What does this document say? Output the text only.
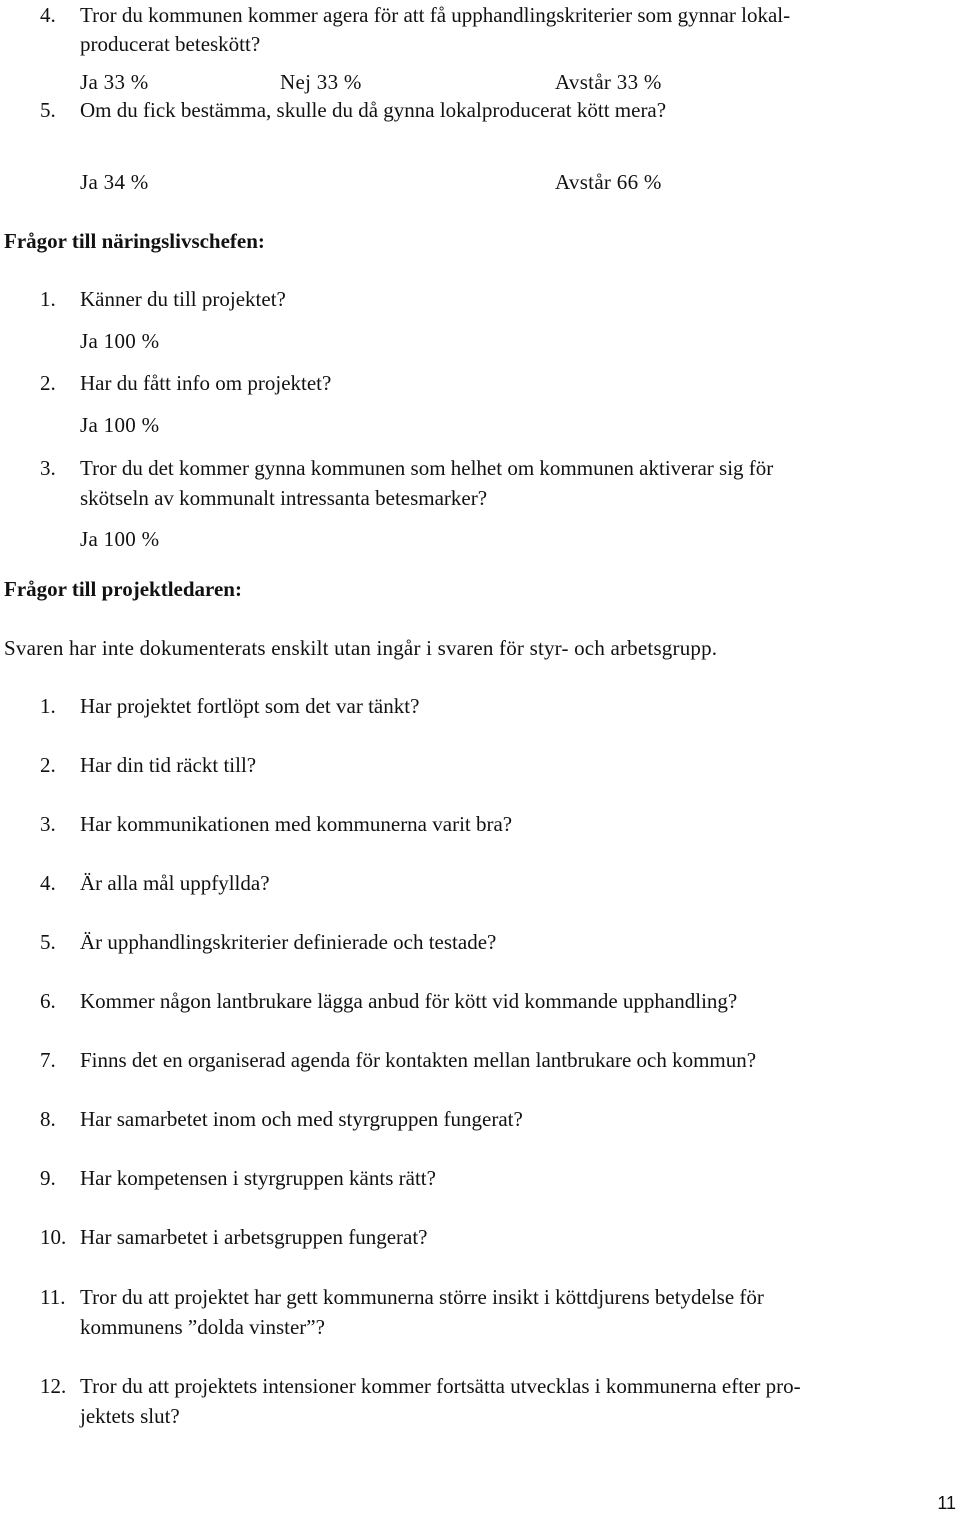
4. Tror du kommunen kommer agera för att få upphandlingskriterier som gynnar lokal-
producerat beteskött?
Ja 33 %	Nej 33 %	Avstår 33 %
5. Om du fick bestämma, skulle du då gynna lokalproducerat kött mera?
Ja 34 %	Avstår 66 %
Frågor till näringslivschefen:
1. Känner du till projektet?
Ja 100 %
2. Har du fått info om projektet?
Ja 100 %
3. Tror du det kommer gynna kommunen som helhet om kommunen aktiverar sig för
skötseln av kommunalt intressanta betesmarker?
Ja 100 %
Frågor till projektledaren:
Svaren har inte dokumenterats enskilt utan ingår i svaren för styr- och arbetsgrupp.
1. Har projektet fortlöpt som det var tänkt?
2. Har din tid räckt till?
3. Har kommunikationen med kommunerna varit bra?
4. Är alla mål uppfyllda?
5. Är upphandlingskriterier definierade och testade?
6. Kommer någon lantbrukare lägga anbud för kött vid kommande upphandling?
7. Finns det en organiserad agenda för kontakten mellan lantbrukare och kommun?
8. Har samarbetet inom och med styrgruppen fungerat?
9. Har kompetensen i styrgruppen känts rätt?
10. Har samarbetet i arbetsgruppen fungerat?
11. Tror du att projektet har gett kommunerna större insikt i köttdjurens betydelse för
kommunens ”dolda vinster”?
12. Tror du att projektets intensioner kommer fortsätta utvecklas i kommunerna efter pro-
jektets slut?
11
